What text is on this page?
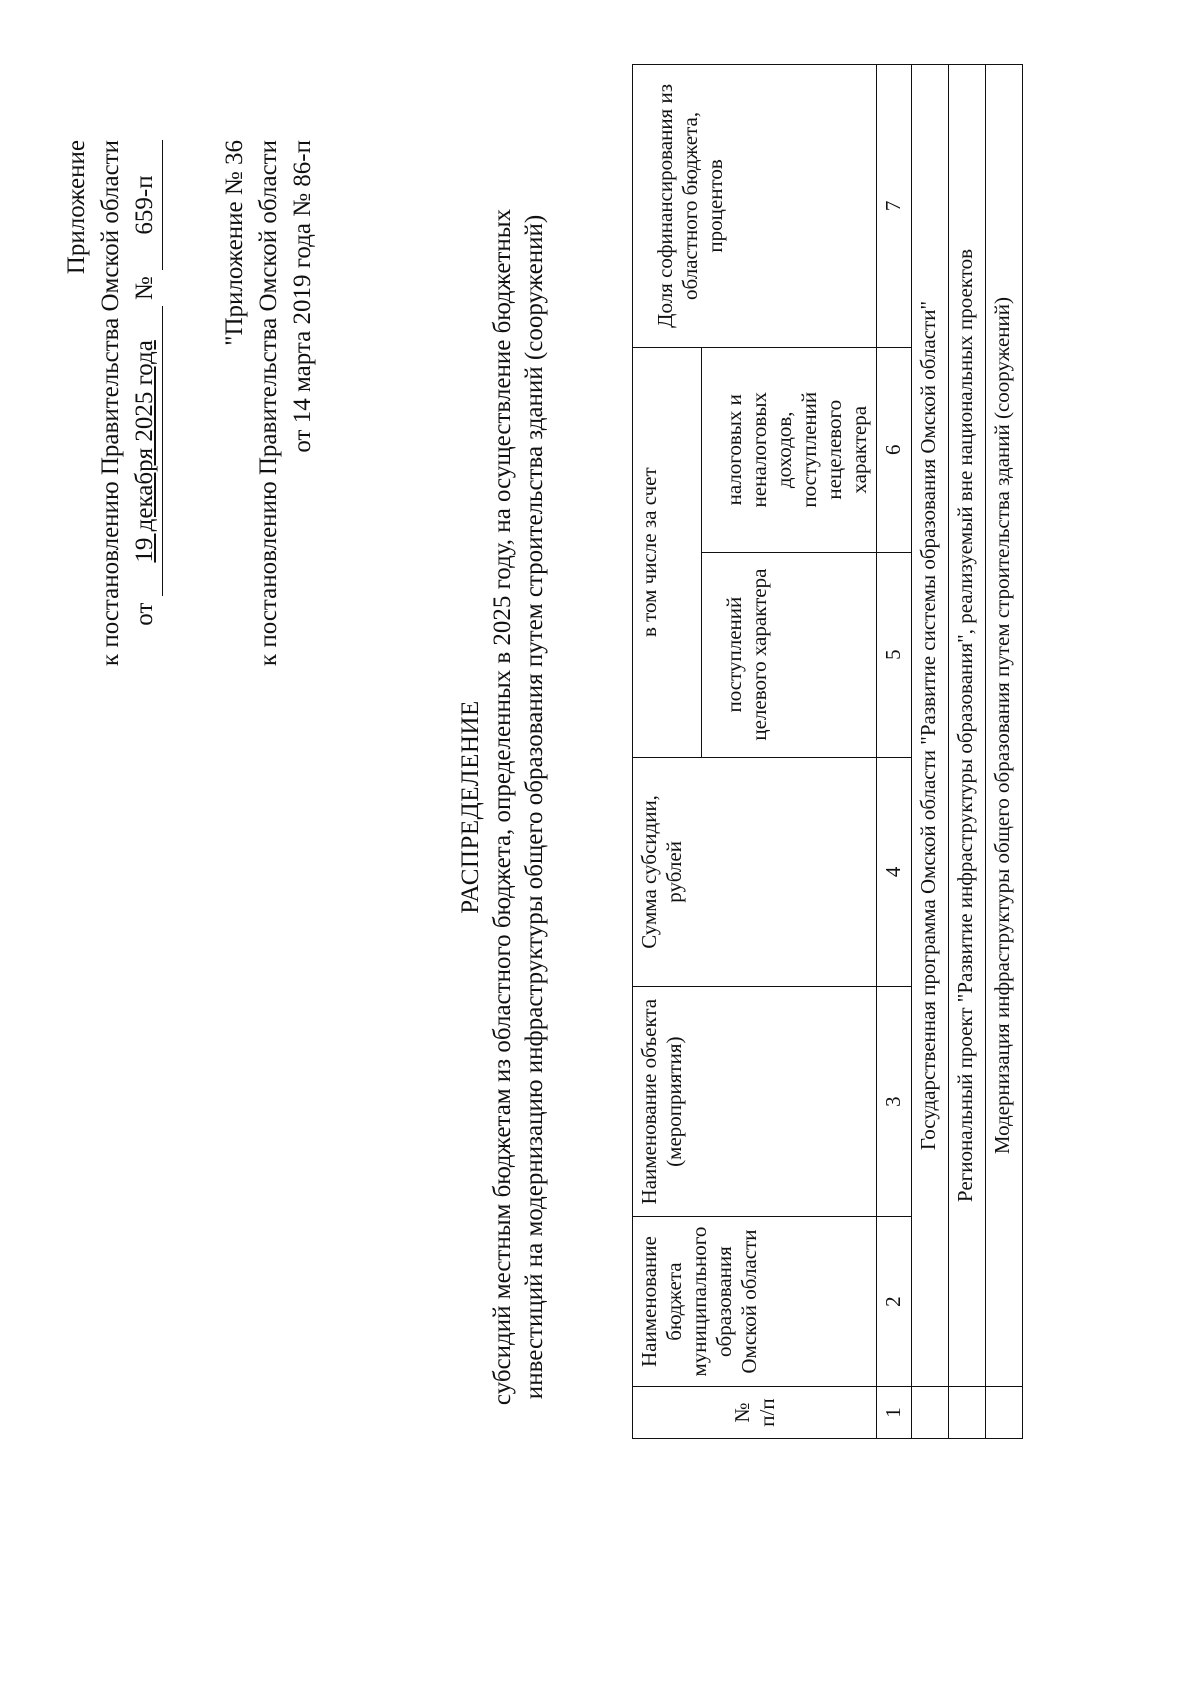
Приложение к постановлению Правительства Омской области от 19 декабря 2025 года № 659-п	"Приложение № 36 к постановлению Правительства Омской области от 14 марта 2019 года № 86-п
РАСПРЕДЕЛЕНИЕ субсидий местным бюджетам из областного бюджета, определенных в 2025 году, на осуществление бюджетных инвестиций на модернизацию инфраструктуры общего образования путем строительства зданий (сооружений)
№ п/п	Наименование бюджета муниципального образования Омской области	Наименование объекта (мероприятия)	Сумма субсидии, рублей	в том числе за счет		Доля софинансирования из областного бюджета, процентов
				поступлений целевого характера	налоговых и неналоговых доходов, поступлений нецелевого характера	
1	2	3	4	5	6	7
	Государственная программа Омской области "Развитие системы образования Омской области"					
	Региональный проект "Развитие инфраструктуры образования", реализуемый вне национальных проектов					
	Модернизация инфраструктуры общего образования путем строительства зданий (сооружений)					
